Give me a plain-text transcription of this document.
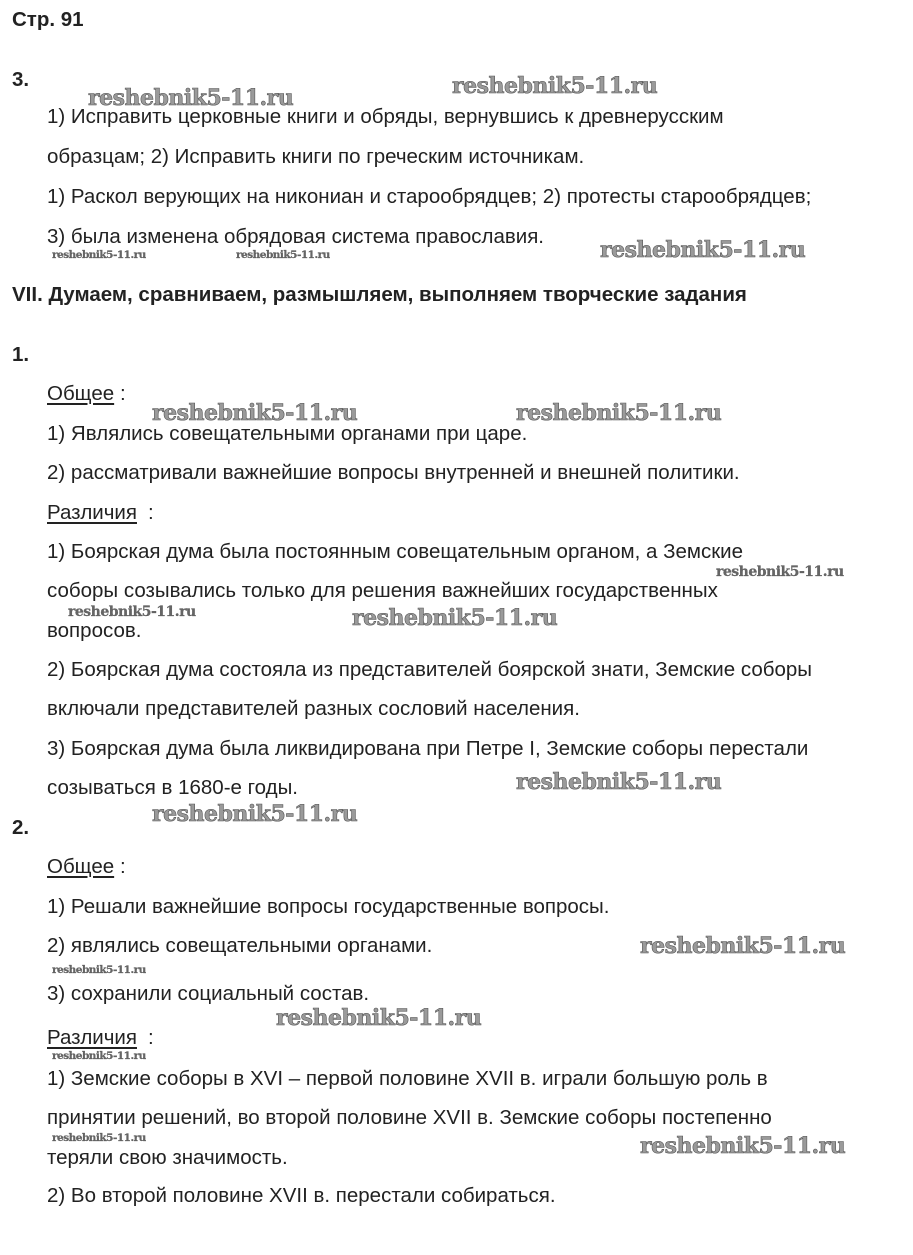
Стр. 91
3.
1) Исправить церковные книги и обряды, вернувшись к древнерусским
образцам; 2) Исправить книги по греческим источникам.
1) Раскол верующих на никониан и старообрядцев; 2) протесты старообрядцев;
3) была изменена обрядовая система православия.
VII. Думаем, сравниваем, размышляем, выполняем творческие задания
1.
Общее :
1) Являлись совещательными органами при царе.
2) рассматривали важнейшие вопросы внутренней и внешней политики.
Различия :
1) Боярская дума была постоянным совещательным органом, а Земские
соборы созывались только для решения важнейших государственных
вопросов.
2) Боярская дума состояла из представителей боярской знати, Земские соборы
включали представителей разных сословий населения.
3) Боярская дума была ликвидирована при Петре I, Земские соборы перестали
созываться в 1680-е годы.
2.
Общее :
1) Решали важнейшие вопросы государственные вопросы.
2) являлись совещательными органами.
3) сохранили социальный состав.
Различия :
1) Земские соборы в XVI – первой половине XVII в. играли большую роль в
принятии решений, во второй половине XVII в. Земские соборы постепенно
теряли свою значимость.
2) Во второй половине XVII в. перестали собираться.
reshebnik5-11.ru	reshebnik5-11.ru
reshebnik5-11.ru
reshebnik5-11.ru	reshebnik5-11.ru
reshebnik5-11.ru
reshebnik5-11.ru
reshebnik5-11.ru
reshebnik5-11.ru
reshebnik5-11.ru
reshebnik5-11.ru
reshebnik5-11.ru	reshebnik5-11.ru
reshebnik5-11.ru
reshebnik5-11.ru
reshebnik5-11.ru
reshebnik5-11.ru
reshebnik5-11.ru
